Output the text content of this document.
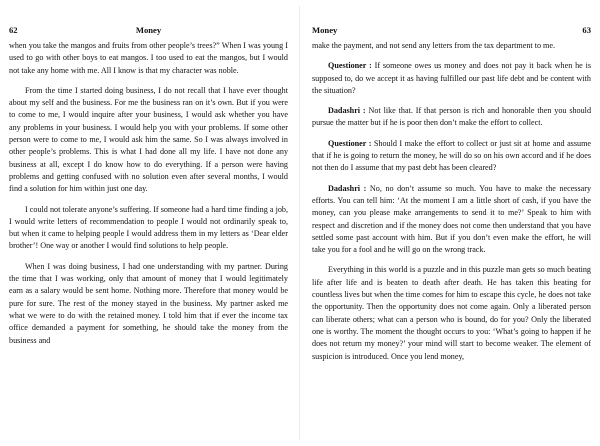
62	Money

when you take the mangos and fruits from other people’s trees?” When I was young I used to go with other boys to eat mangos. I too used to eat the mangos, but I would not take any home with me. All I know is that my character was noble.

From the time I started doing business, I do not recall that I have ever thought about my self and the business. For me the business ran on it’s own. But if you were to come to me, I would inquire after your business, I would ask whether you have any problems in your business. I would help you with your problems. If some other person were to come to me, I would ask him the same. So I was always involved in other people’s problems. This is what I had done all my life. I have not done any business at all, except I do know how to do everything. If a person were having problems and getting confused with no solution even after several months, I would find a solution for him within just one day.

I could not tolerate anyone’s suffering. If someone had a hard time finding a job, I would write letters of recommendation to people I would not ordinarily speak to, but when it came to helping people I would address them in my letters as ‘Dear elder brother’! One way or another I would find solutions to help people.

When I was doing business, I had one understanding with my partner. During the time that I was working, only that amount of money that I would legitimately earn as a salary would be sent home. Nothing more. Therefore that money would be pure for sure. The rest of the money stayed in the business. My partner asked me what we were to do with the retained money. I told him that if ever the income tax office demanded a payment for something, he should take the money from the business and

Money	63

make the payment, and not send any letters from the tax department to me.

Questioner : If someone owes us money and does not pay it back when he is supposed to, do we accept it as having fulfilled our past life debt and be content with the situation?

Dadashri : Not like that. If that person is rich and honorable then you should pursue the matter but if he is poor then don’t make the effort to collect.

Questioner : Should I make the effort to collect or just sit at home and assume that if he is going to return the money, he will do so on his own accord and if he does not then do I assume that my past debt has been cleared?

Dadashri : No, no don’t assume so much. You have to make the necessary efforts. You can tell him: ‘At the moment I am a little short of cash, if you have the money, can you please make arrangements to send it to me?’ Speak to him with respect and discretion and if the money does not come then understand that you have settled some past account with him. But if you don’t even make the effort, he will take you for a fool and he will go on the wrong track.

Everything in this world is a puzzle and in this puzzle man gets so much beating life after life and is beaten to death after death. He has taken this beating for countless lives but when the time comes for him to escape this cycle, he does not take the opportunity. Then the opportunity does not come again. Only a liberated person can liberate others; what can a person who is bound, do for you? Only the liberated one is worthy. The moment the thought occurs to you: ‘What’s going to happen if he does not return my money?’ your mind will start to become weaker. The element of suspicion is introduced. Once you lend money,
